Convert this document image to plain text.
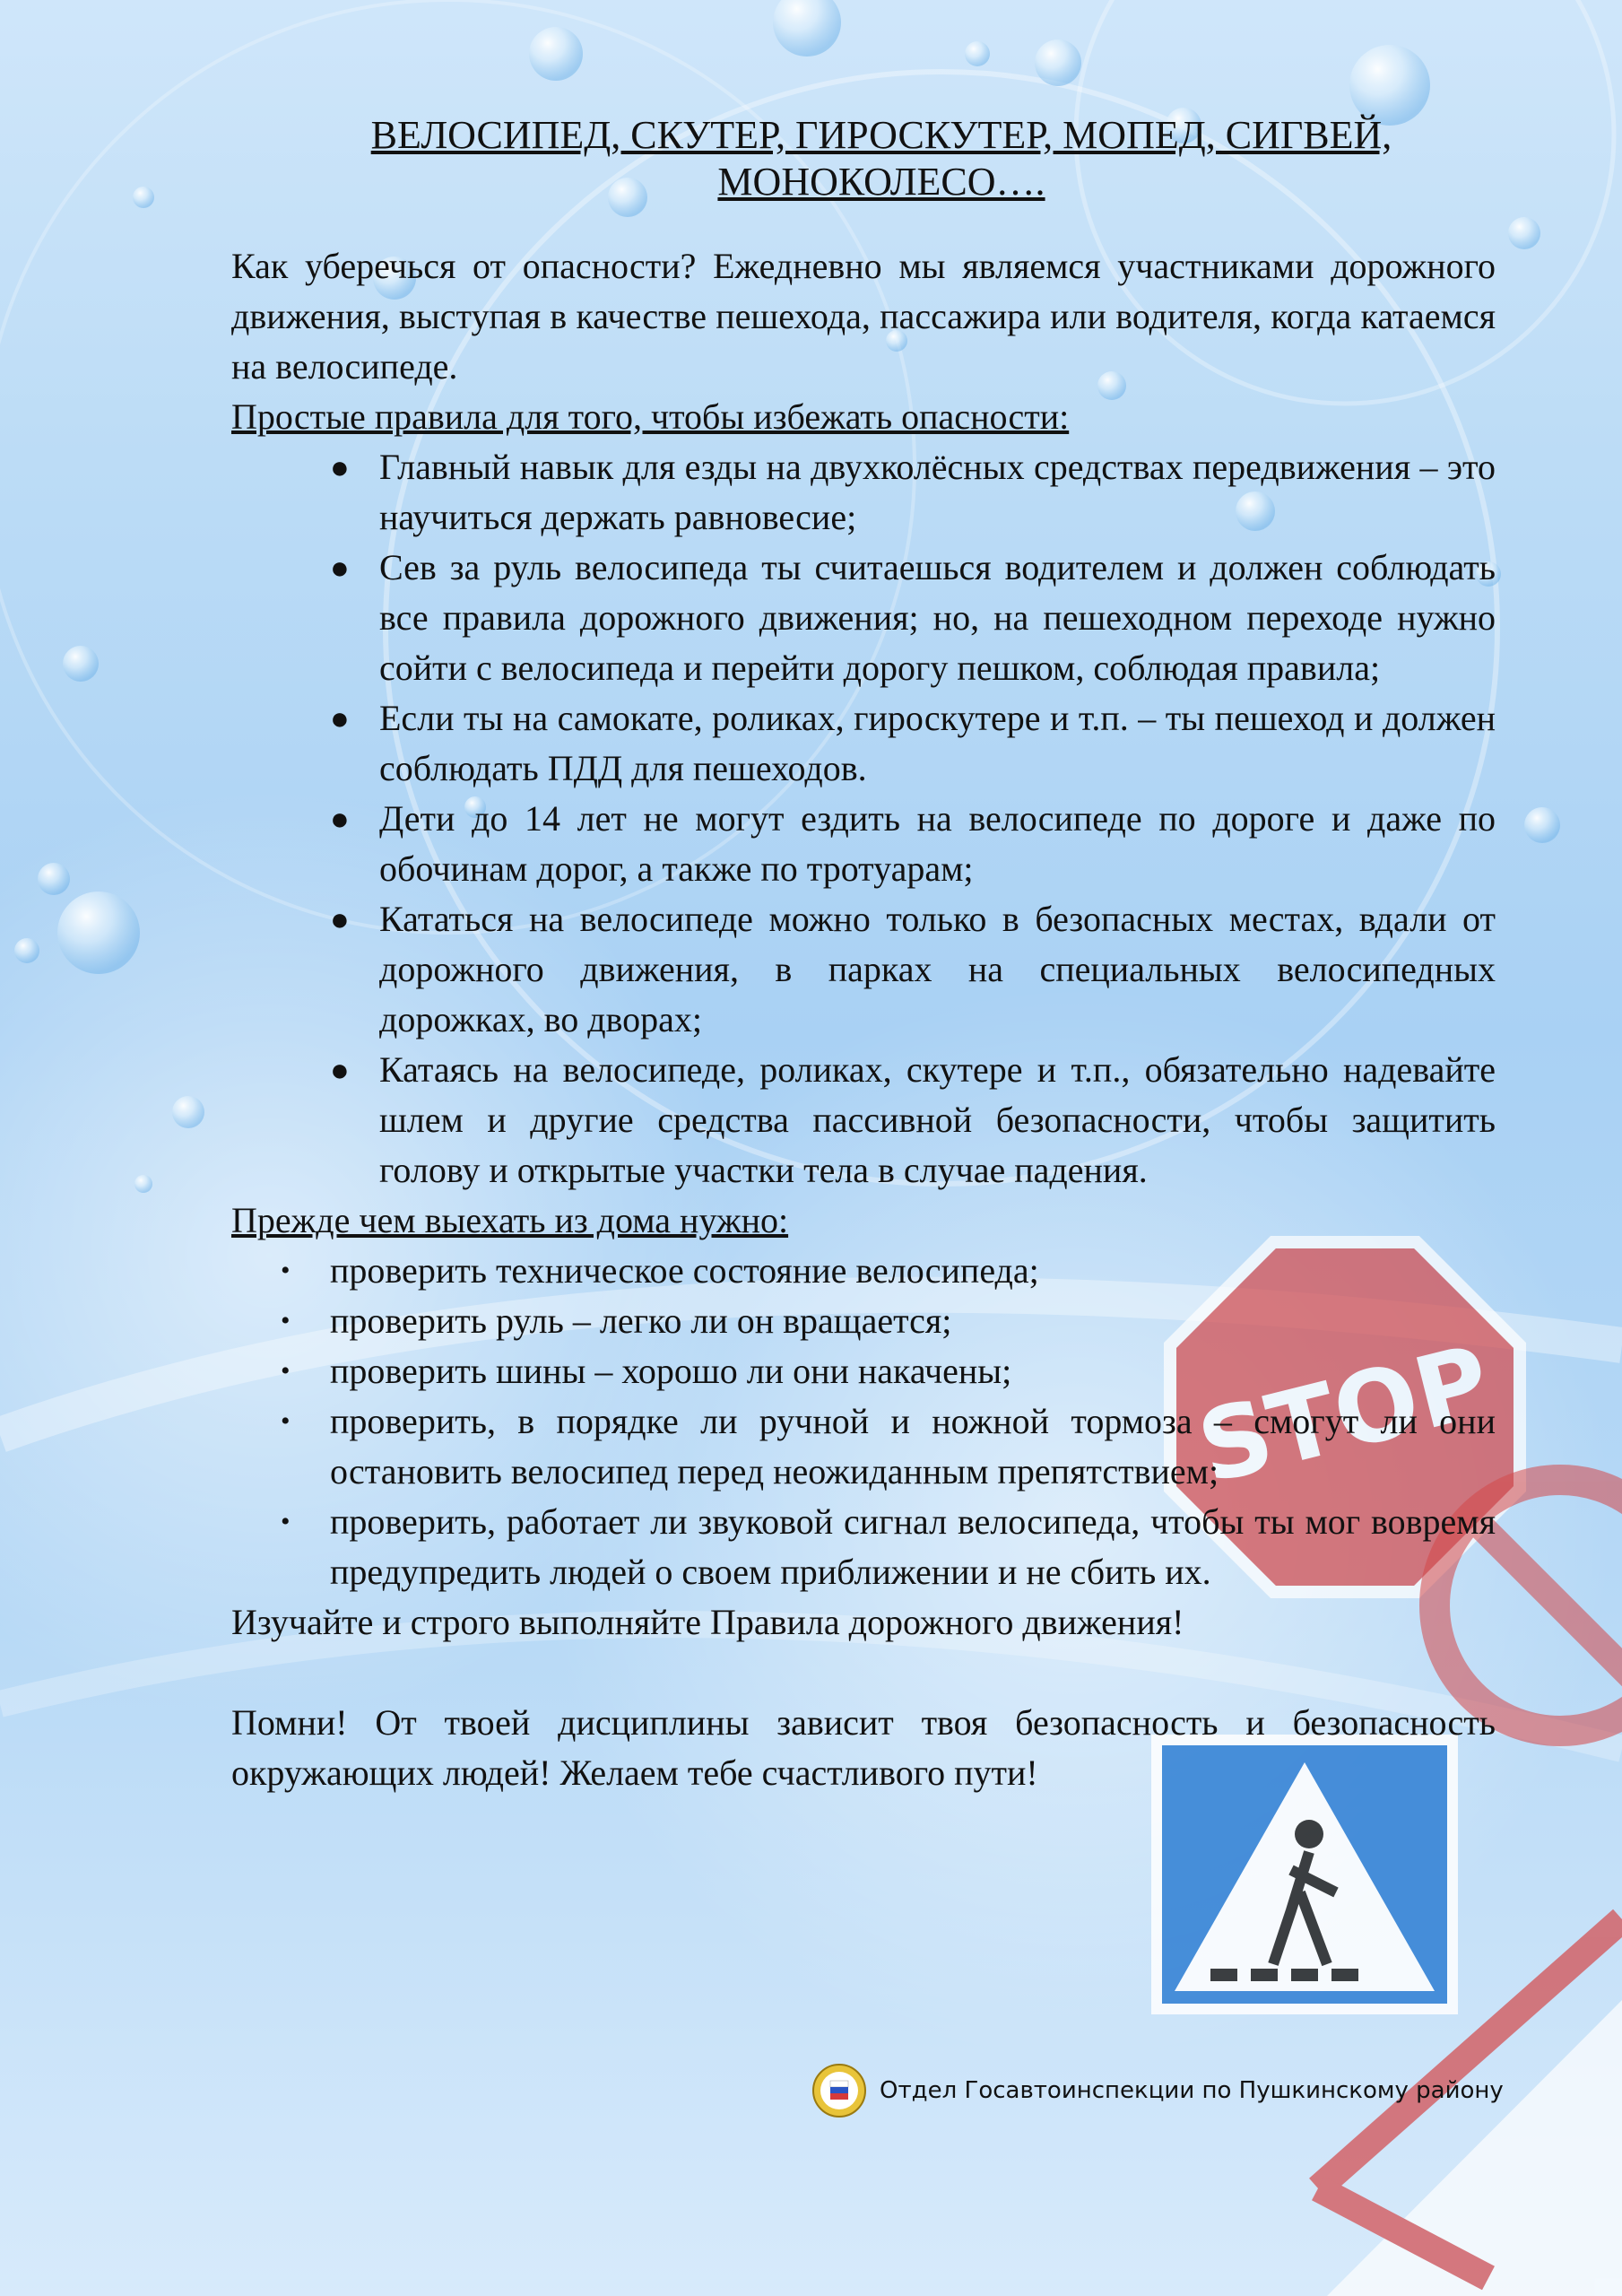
STOP
ВЕЛОСИПЕД, СКУТЕР, ГИРОСКУТЕР, МОПЕД, СИГВЕЙ,
МОНОКОЛЕСО….

Как уберечься от опасности? Ежедневно мы являемся участниками дорожного движения, выступая в качестве пешехода, пассажира или водителя, когда катаемся на велосипеде.

Простые правила для того, чтобы избежать опасности:

● Главный навык для езды на двухколёсных средствах передвижения – это научиться держать равновесие;
● Сев за руль велосипеда ты считаешься водителем и должен соблюдать все правила дорожного движения; но, на пешеходном переходе нужно сойти с велосипеда и перейти дорогу пешком, соблюдая правила;
● Если ты на самокате, роликах, гироскутере и т.п. – ты пешеход и должен соблюдать ПДД для пешеходов.
● Дети до 14 лет не могут ездить на велосипеде по дороге и даже по обочинам дорог, а также по тротуарам;
● Кататься на велосипеде можно только в безопасных местах, вдали от дорожного движения, в парках на специальных велосипедных дорожках, во дворах;
● Катаясь на велосипеде, роликах, скутере и т.п., обязательно надевайте шлем и другие средства пассивной безопасности, чтобы защитить голову и открытые участки тела в случае падения.

Прежде чем выехать из дома нужно:

• проверить техническое состояние велосипеда;
• проверить руль – легко ли он вращается;
• проверить шины – хорошо ли они накачены;
• проверить, в порядке ли ручной и ножной тормоза – смогут ли они остановить велосипед перед неожиданным препятствием;
• проверить, работает ли звуковой сигнал велосипеда, чтобы ты мог вовремя предупредить людей о своем приближении и не сбить их.

Изучайте и строго выполняйте Правила дорожного движения!

Помни! От твоей дисциплины зависит твоя безопасность и безопасность окружающих людей! Желаем тебе счастливого пути!

Отдел Госавтоинспекции по Пушкинскому району
